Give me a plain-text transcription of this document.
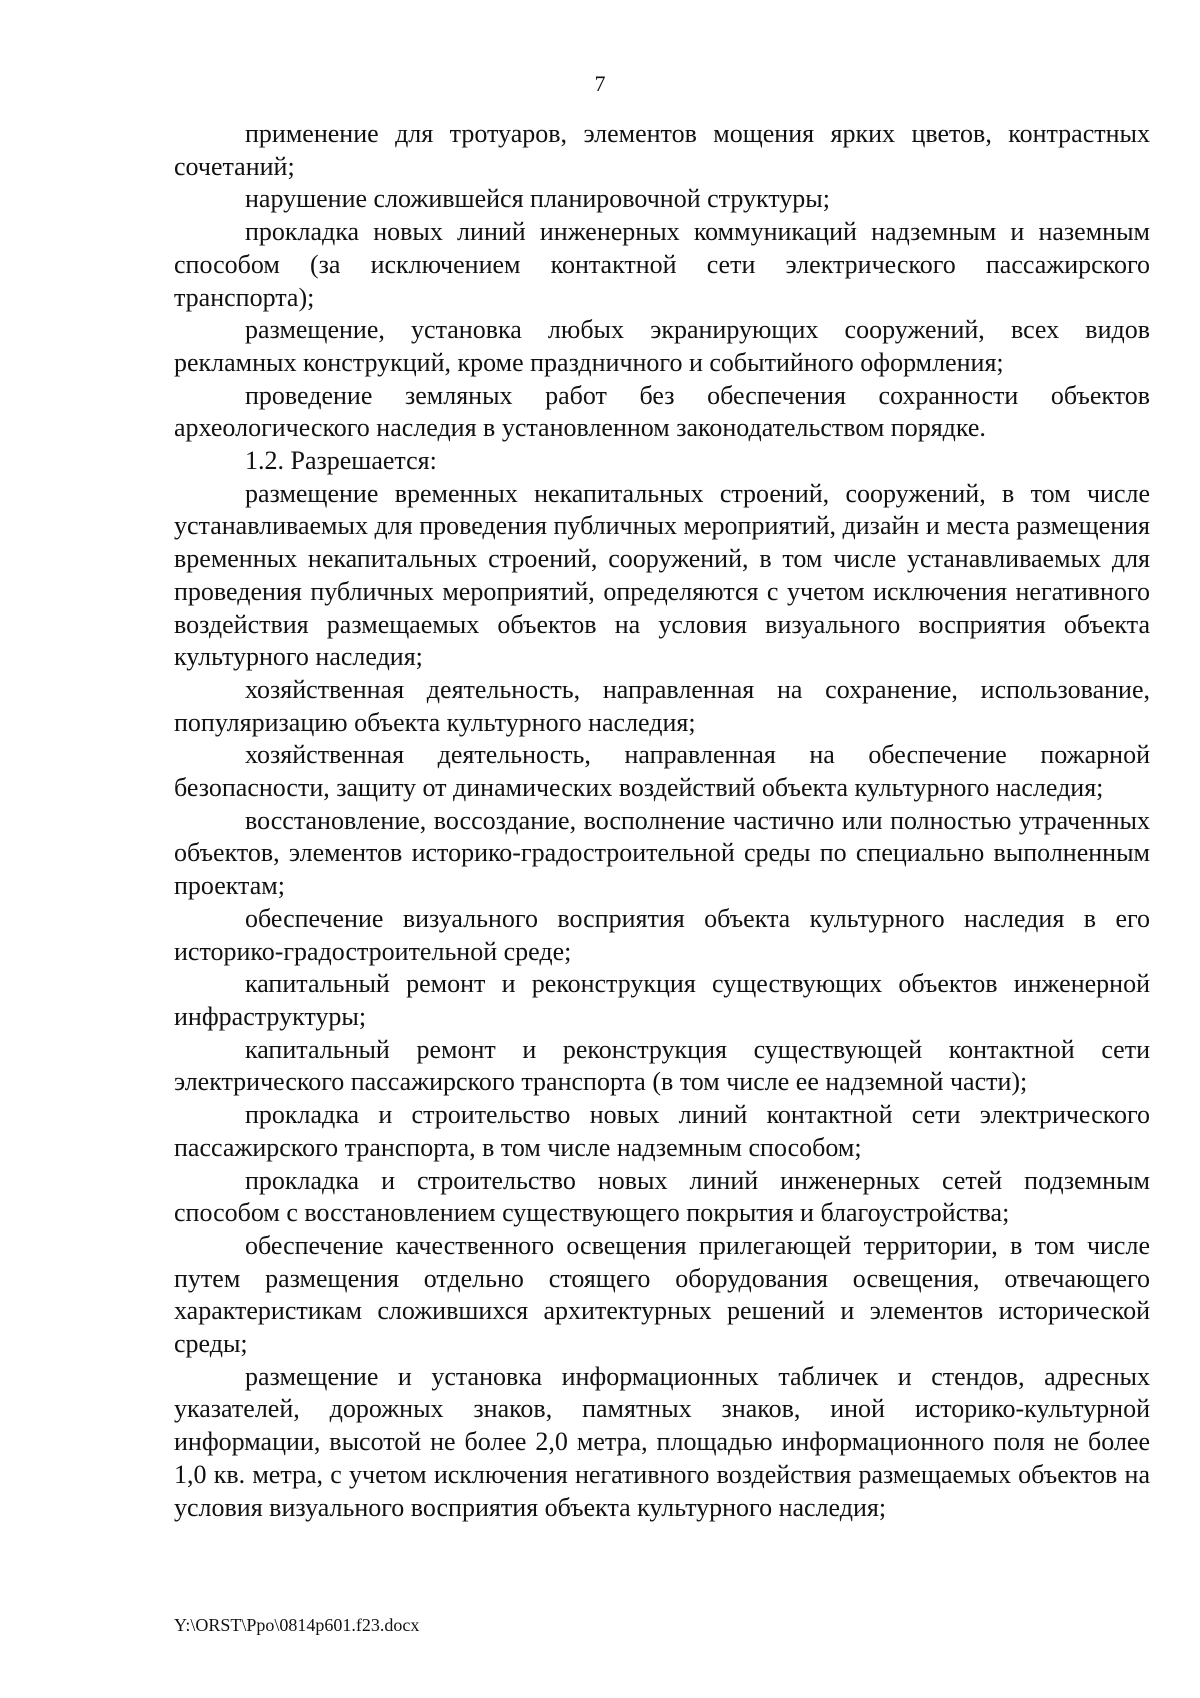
7

применение для тротуаров, элементов мощения ярких цветов, контрастных сочетаний;

нарушение сложившейся планировочной структуры;

прокладка новых линий инженерных коммуникаций надземным и наземным способом (за исключением контактной сети электрического пассажирского транспорта);

размещение, установка любых экранирующих сооружений, всех видов рекламных конструкций, кроме праздничного и событийного оформления;

проведение земляных работ без обеспечения сохранности объектов археологического наследия в установленном законодательством порядке.

1.2. Разрешается:

размещение временных некапитальных строений, сооружений, в том числе устанавливаемых для проведения публичных мероприятий, дизайн и места размещения временных некапитальных строений, сооружений, в том числе устанавливаемых для проведения публичных мероприятий, определяются с учетом исключения негативного воздействия размещаемых объектов на условия визуального восприятия объекта культурного наследия;

хозяйственная деятельность, направленная на сохранение, использование, популяризацию объекта культурного наследия;

хозяйственная деятельность, направленная на обеспечение пожарной безопасности, защиту от динамических воздействий объекта культурного наследия;

восстановление, воссоздание, восполнение частично или полностью утраченных объектов, элементов историко-градостроительной среды по специально выполненным проектам;

обеспечение визуального восприятия объекта культурного наследия в его историко-градостроительной среде;

капитальный ремонт и реконструкция существующих объектов инженерной инфраструктуры;

капитальный ремонт и реконструкция существующей контактной сети электрического пассажирского транспорта (в том числе ее надземной части);

прокладка и строительство новых линий контактной сети электрического пассажирского транспорта, в том числе надземным способом;

прокладка и строительство новых линий инженерных сетей подземным способом с восстановлением существующего покрытия и благоустройства;

обеспечение качественного освещения прилегающей территории, в том числе путем размещения отдельно стоящего оборудования освещения, отвечающего характеристикам сложившихся архитектурных решений и элементов исторической среды;

размещение и установка информационных табличек и стендов, адресных указателей, дорожных знаков, памятных знаков, иной историко-культурной информации, высотой не более 2,0 метра, площадью информационного поля не более 1,0 кв. метра, с учетом исключения негативного воздействия размещаемых объектов на условия визуального восприятия объекта культурного наследия;

Y:\ORST\Ppo\0814p601.f23.docx
